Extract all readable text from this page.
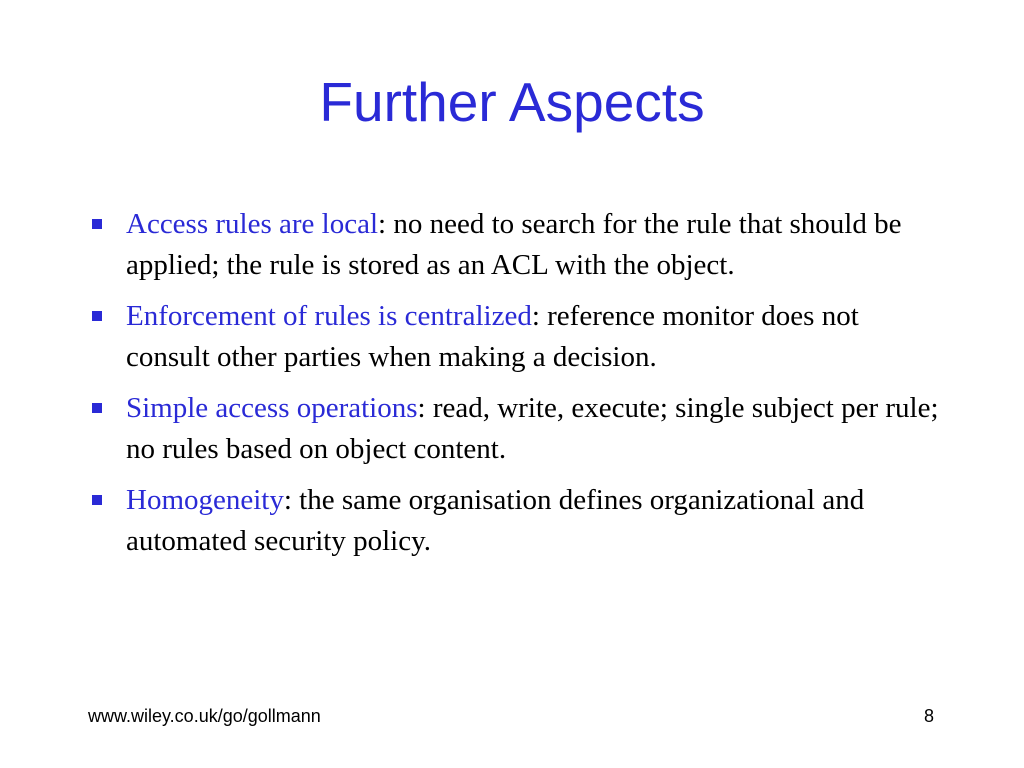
Further Aspects
Access rules are local: no need to search for the rule that should be applied; the rule is stored as an ACL with the object.
Enforcement of rules is centralized: reference monitor does not consult other parties when making a decision.
Simple access operations: read, write, execute; single subject per rule; no rules based on object content.
Homogeneity: the same organisation defines organizational and automated security policy.
www.wiley.co.uk/go/gollmann	8
